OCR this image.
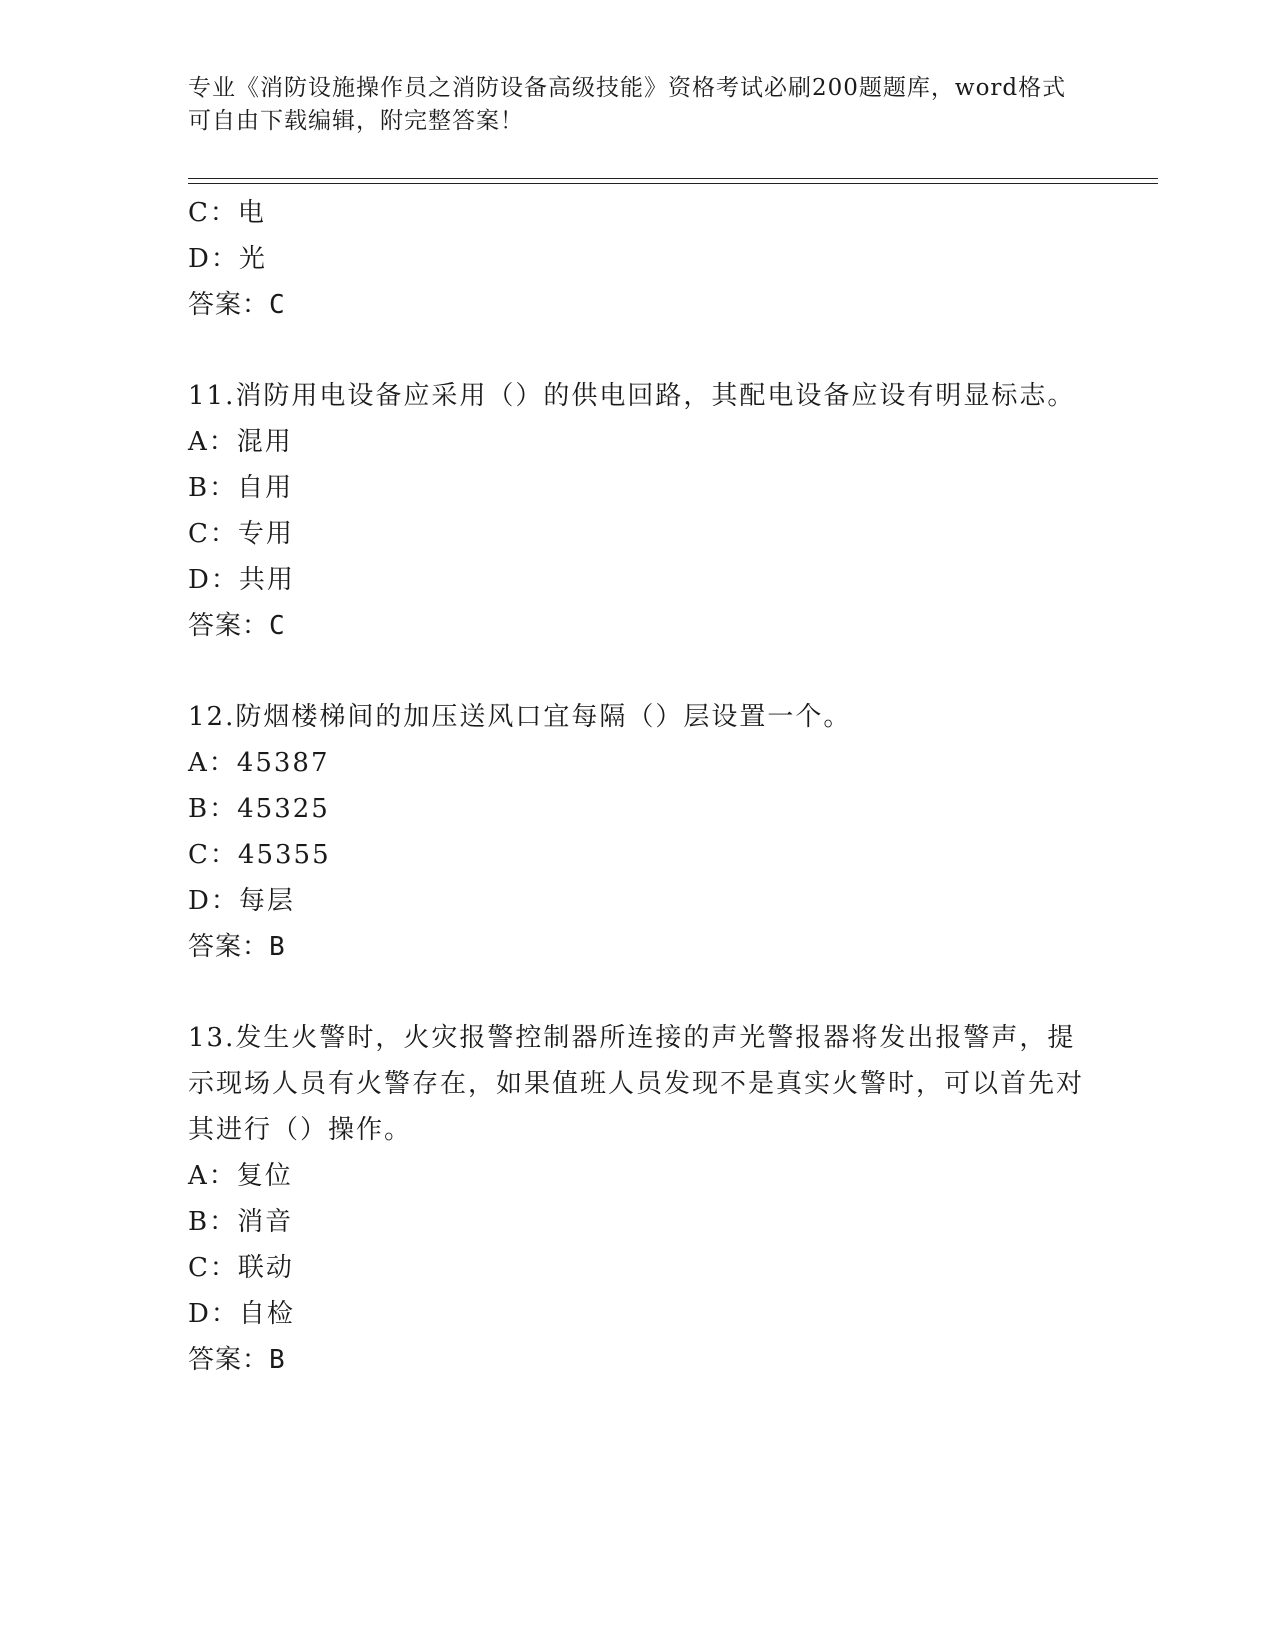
专业《消防设施操作员之消防设备高级技能》资格考试必刷200题题库，word格式可自由下载编辑，附完整答案！
C：电
D：光
答案：C
11.消防用电设备应采用（）的供电回路，其配电设备应设有明显标志。
A：混用
B：自用
C：专用
D：共用
答案：C
12.防烟楼梯间的加压送风口宜每隔（）层设置一个。
A：45387
B：45325
C：45355
D：每层
答案：B
13.发生火警时，火灾报警控制器所连接的声光警报器将发出报警声，提示现场人员有火警存在，如果值班人员发现不是真实火警时，可以首先对其进行（）操作。
A：复位
B：消音
C：联动
D：自检
答案：B
